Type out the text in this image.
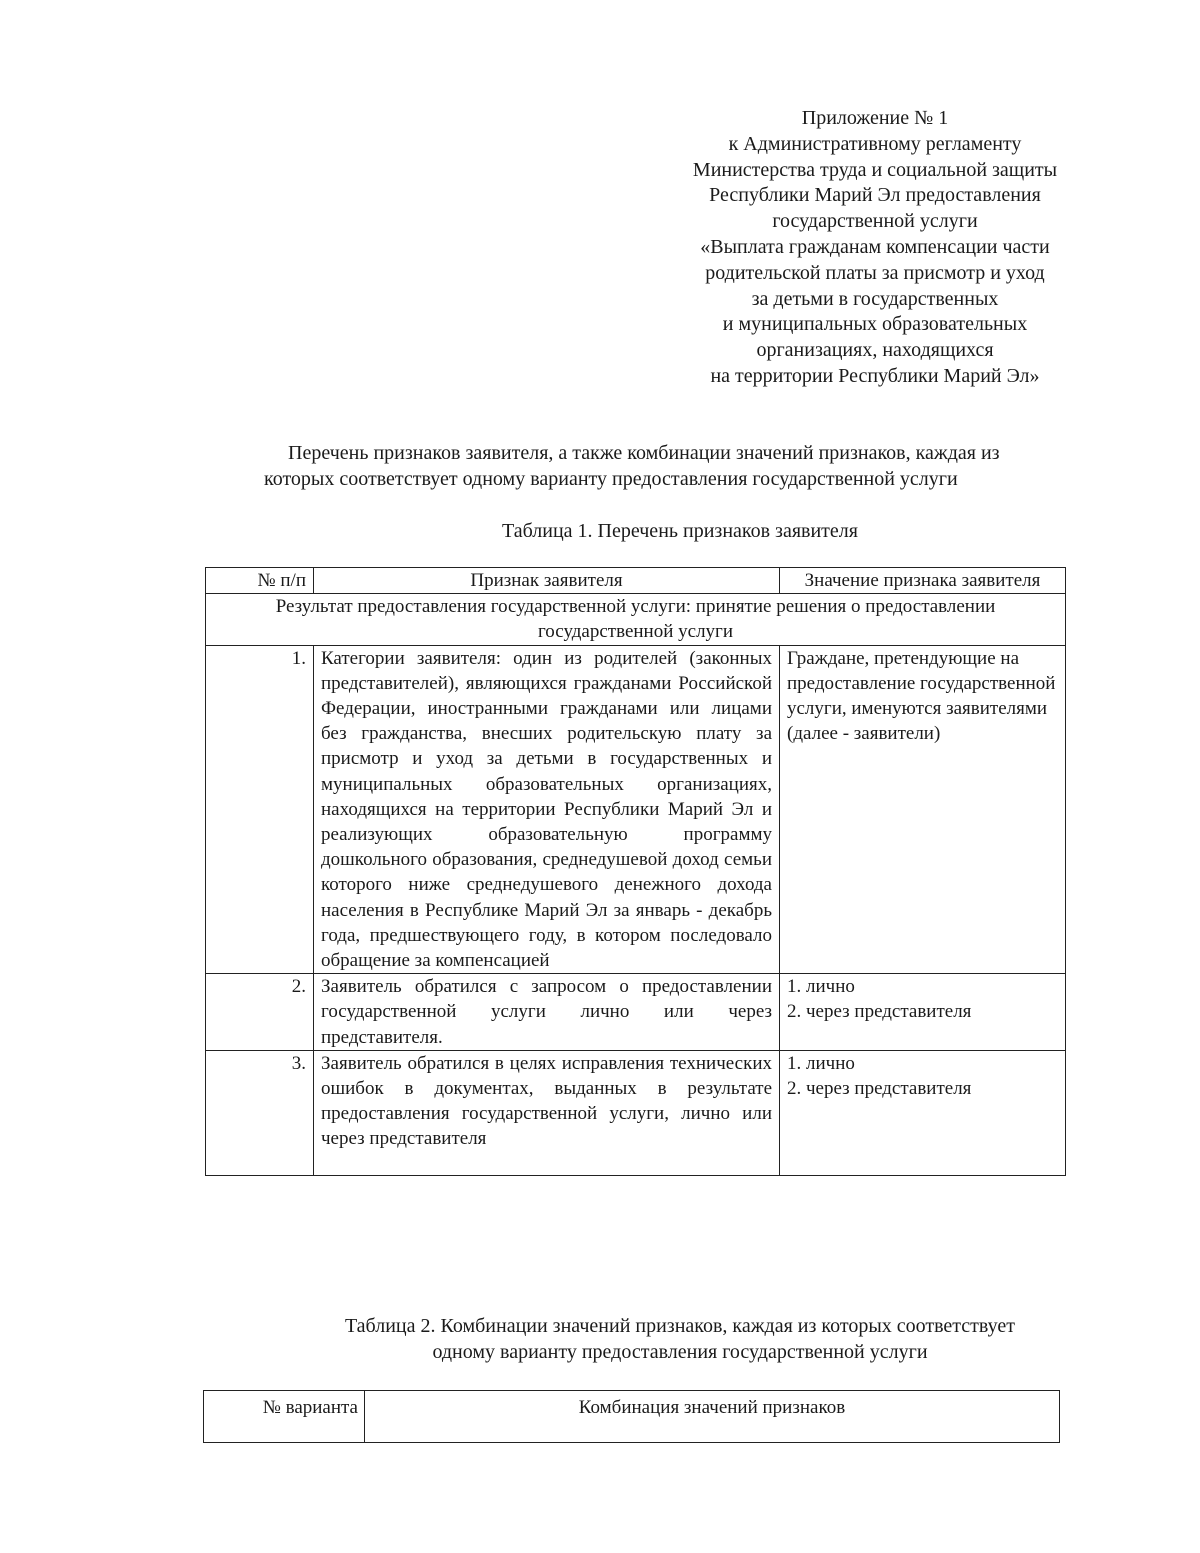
Приложение № 1
к Административному регламенту
Министерства труда и социальной защиты
Республики Марий Эл предоставления
государственной услуги
«Выплата гражданам компенсации части
родительской платы за присмотр и уход
за детьми в государственных
и муниципальных образовательных
организациях, находящихся
на территории Республики Марий Эл»
Перечень признаков заявителя, а также комбинации значений признаков, каждая из
которых соответствует одному варианту предоставления государственной услуги
Таблица 1. Перечень признаков заявителя
№ п/п	Признак заявителя	Значение признака заявителя
Результат предоставления государственной услуги: принятие решения о предоставлении государственной услуги		
1.	Категории заявителя: один из родителей (законных представителей), являющихся гражданами Российской Федерации, иностранными гражданами или лицами без гражданства, внесших родительскую плату за присмотр и уход за детьми в государственных и муниципальных образовательных организациях, находящихся на территории Республики Марий Эл и реализующих образовательную программу дошкольного образования, среднедушевой доход семьи которого ниже среднедушевого денежного дохода населения в Республике Марий Эл за январь - декабрь года, предшествующего году, в котором последовало обращение за компенсацией	Граждане, претендующие на предоставление государственной услуги, именуются заявителями (далее - заявители)
2.	Заявитель обратился с запросом о предоставлении государственной услуги лично или через представителя.	1. лично
2. через представителя

3.	Заявитель обратился в целях исправления технических ошибок в документах, выданных в результате предоставления государственной услуги, лично или через представителя	1. лично
2. через представителя
Таблица 2. Комбинации значений признаков, каждая из которых соответствует
одному варианту предоставления государственной услуги
№ варианта	Комбинация значений признаков
